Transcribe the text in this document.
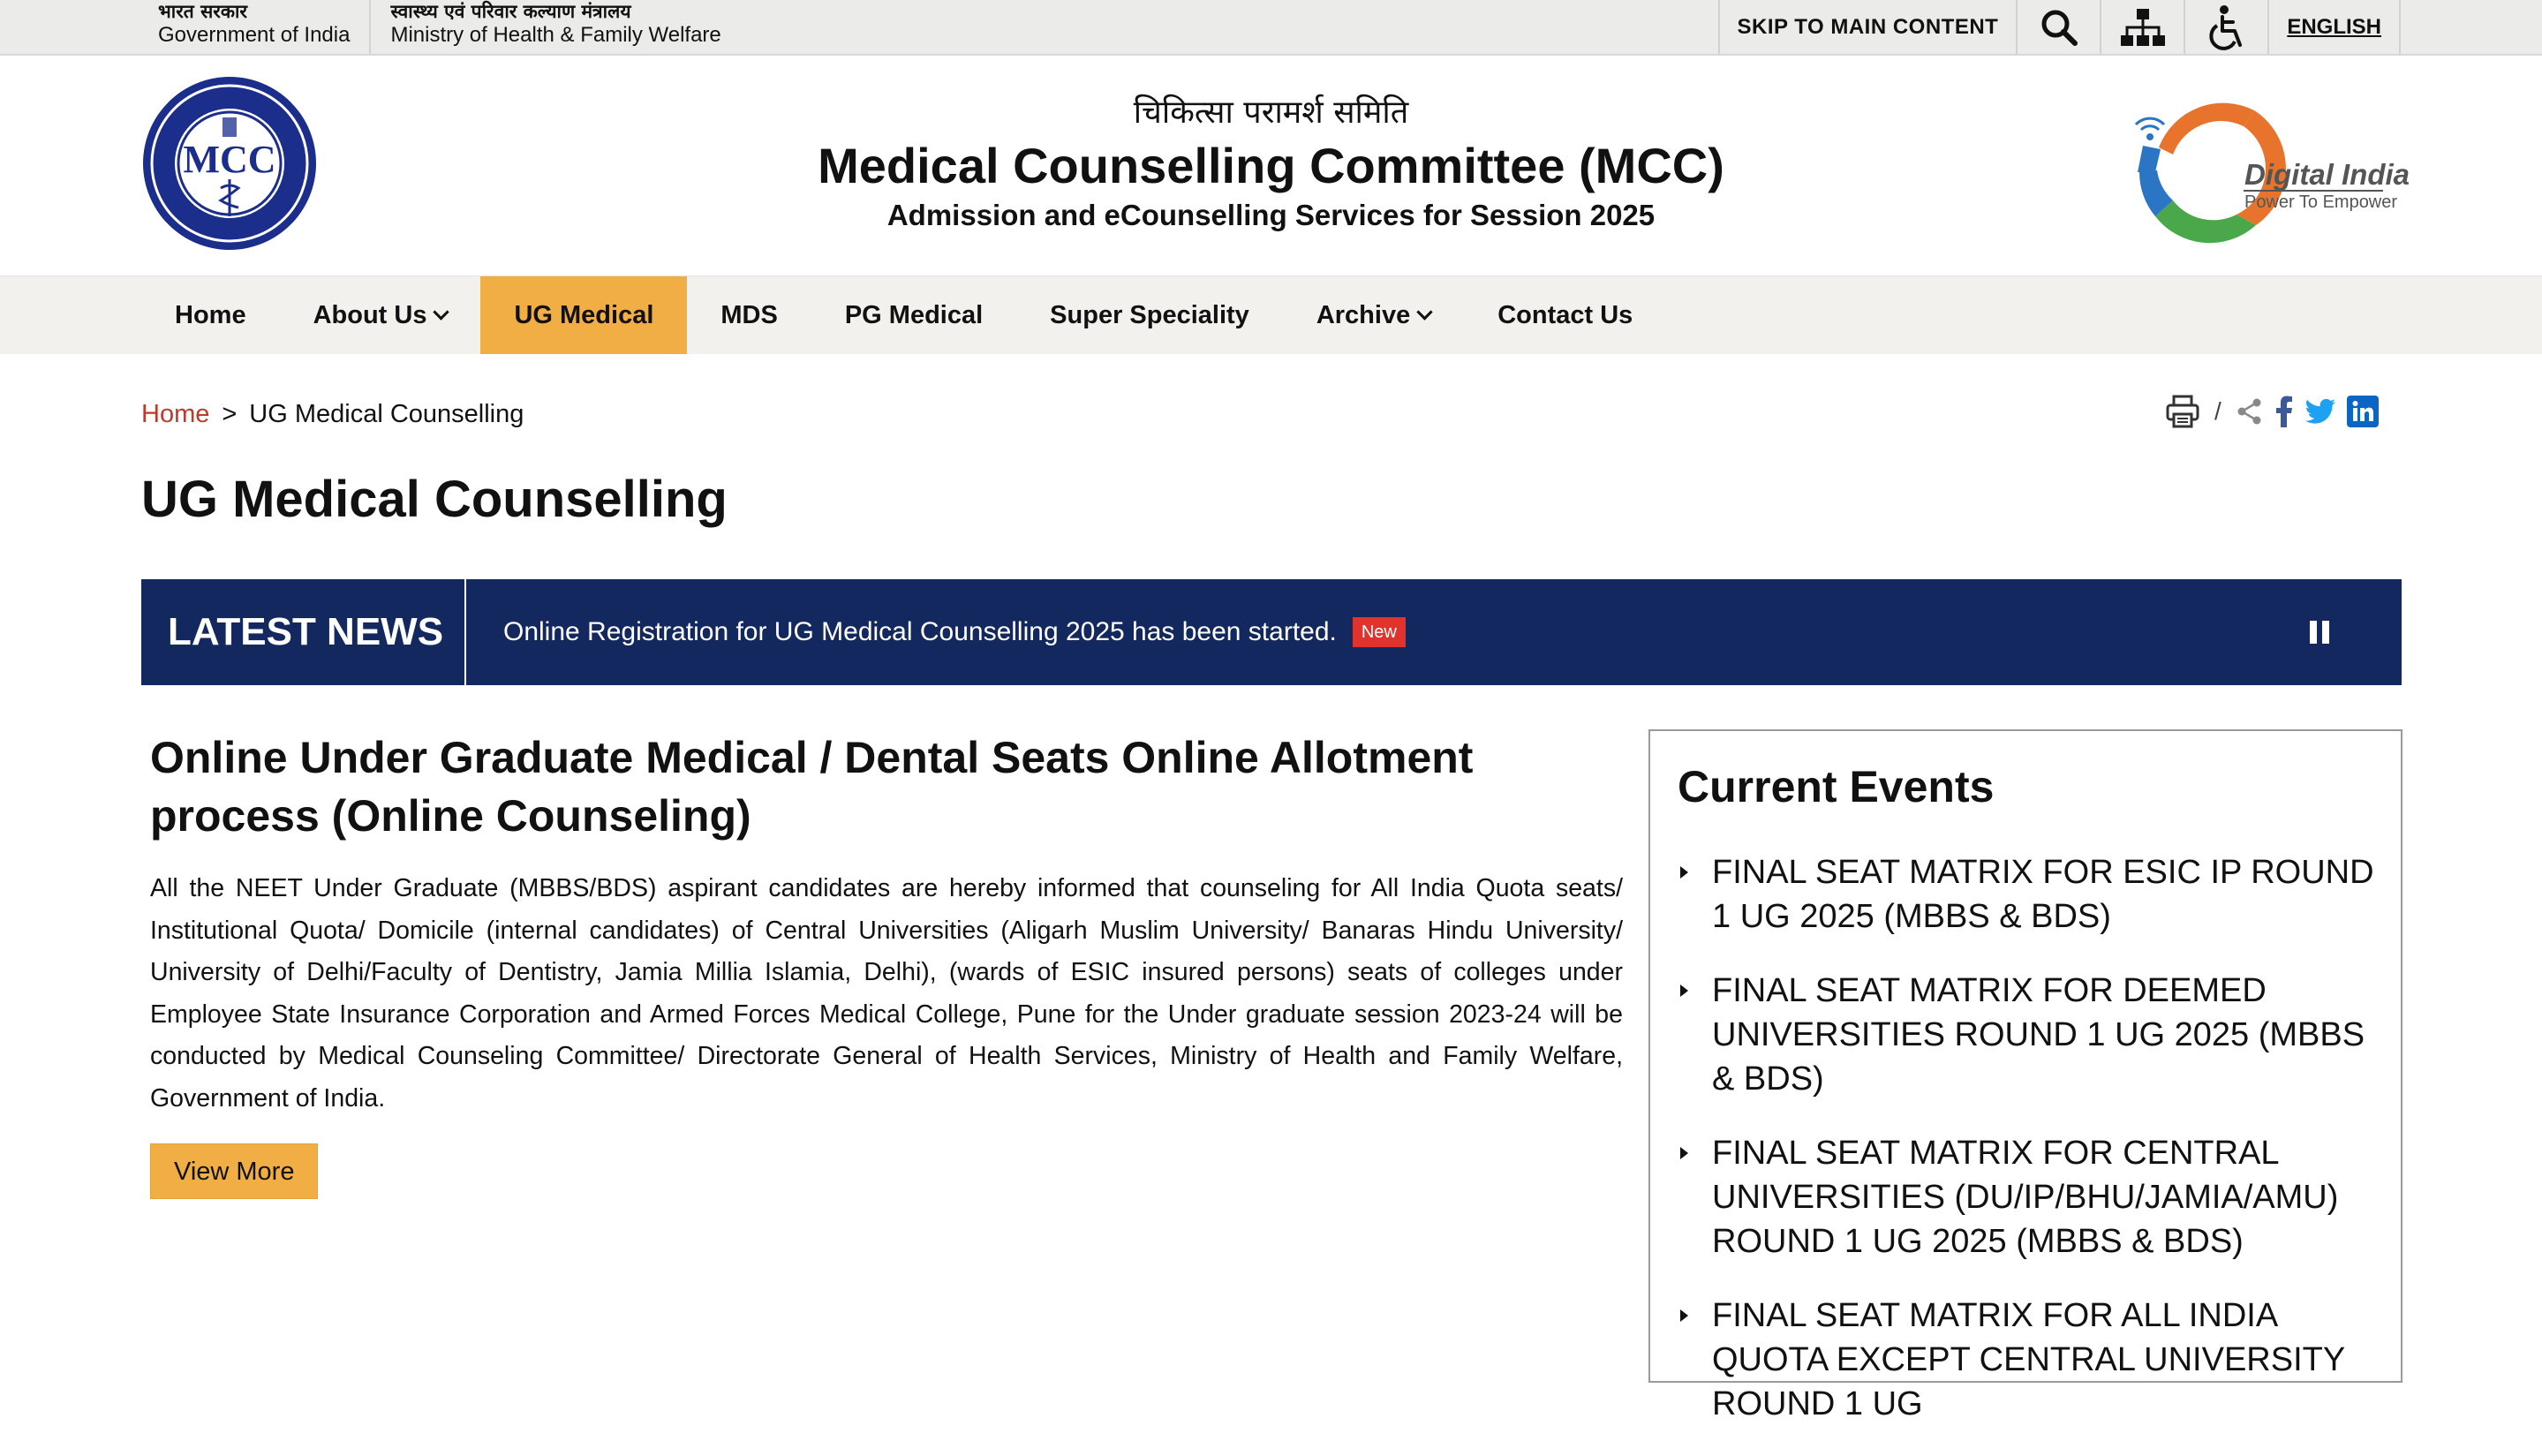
भारत सरकार
Government of India
स्वास्थ्य एवं परिवार कल्याण मंत्रालय
Ministry of Health & Family Welfare	SKIP TO MAIN CONTENT	ENGLISH
MCC
चिकित्सा परामर्श समिति
Medical Counselling Committee (MCC)
Admission and eCounselling Services for Session 2025
Digital India
Power To Empower
Home	About Us	UG Medical	MDS	PG Medical	Super Speciality	Archive	Contact Us
Home > UG Medical Counselling	/
UG Medical Counselling
LATEST NEWS	Online Registration for UG Medical Counselling 2025 has been started.	New
Online Under Graduate Medical / Dental Seats Online Allotment process (Online Counseling)

All the NEET Under Graduate (MBBS/BDS) aspirant candidates are hereby informed that counseling for All India Quota seats/ Institutional Quota/ Domicile (internal candidates) of Central Universities (Aligarh Muslim University/ Banaras Hindu University/ University of Delhi/Faculty of Dentistry, Jamia Millia Islamia, Delhi), (wards of ESIC insured persons) seats of colleges under Employee State Insurance Corporation and Armed Forces Medical College, Pune for the Under graduate session 2023-24 will be conducted by Medical Counseling Committee/ Directorate General of Health Services, Ministry of Health and Family Welfare, Government of India.

View More
Current Events
FINAL SEAT MATRIX FOR ESIC IP ROUND 1 UG 2025 (MBBS & BDS)
FINAL SEAT MATRIX FOR DEEMED UNIVERSITIES ROUND 1 UG 2025 (MBBS & BDS)
FINAL SEAT MATRIX FOR CENTRAL UNIVERSITIES (DU/IP/BHU/JAMIA/AMU) ROUND 1 UG 2025 (MBBS & BDS)
FINAL SEAT MATRIX FOR ALL INDIA QUOTA EXCEPT CENTRAL UNIVERSITY ROUND 1 UG
